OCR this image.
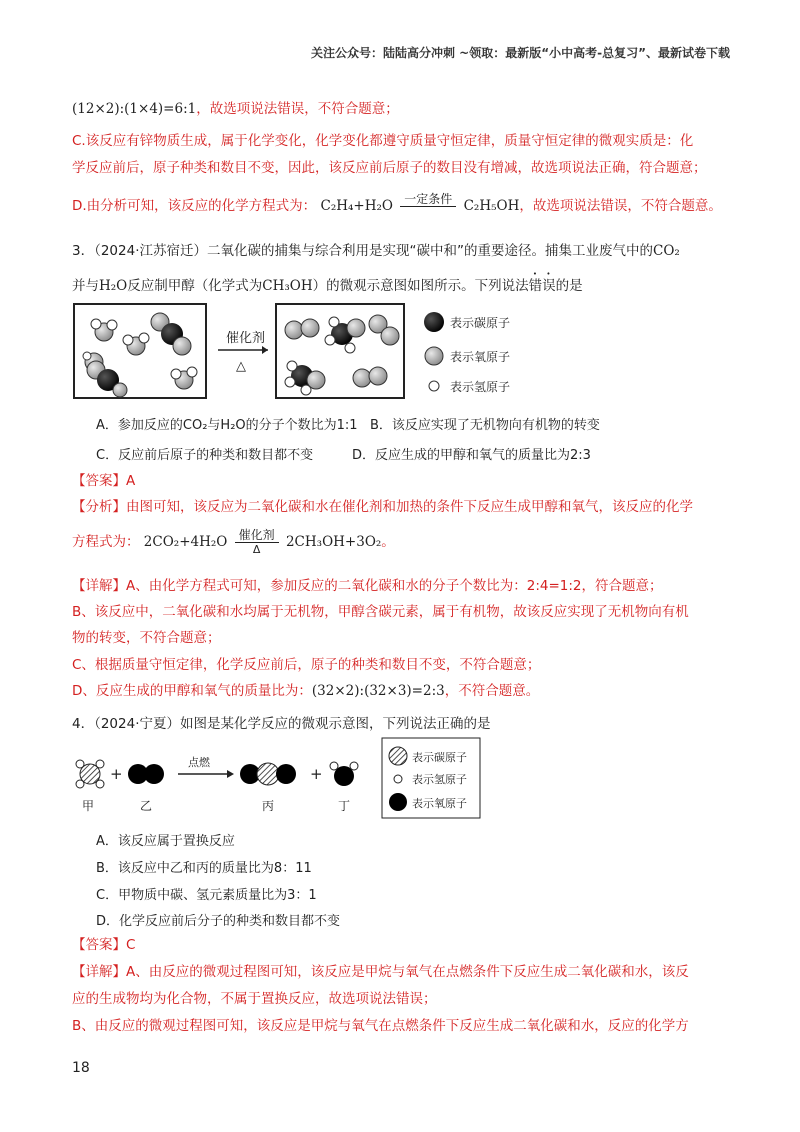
关注公众号：陆陆高分冲刺 ~领取：最新版“小中高考-总复习”、最新试卷下载
(12×2):(1×4)=6:1，故选项说法错误，不符合题意；
C.该反应有锌物质生成，属于化学变化，化学变化都遵守质量守恒定律，质量守恒定律的微观实质是：化
学反应前后，原子种类和数目不变，因此，该反应前后原子的数目没有增减，故选项说法正确，符合题意；
D.由分析可知，该反应的化学方程式为： C₂H₄+H₂O 一定条件
C₂H₅OH，故选项说法错误，不符合题意。
3．（2024·江苏宿迁）二氧化碳的捕集与综合利用是实现“碳中和”的重要途径。捕集工业废气中的CO₂
并与H₂O反应制甲醇（化学式为CH₃OH）的微观示意图如图所示。下列说法错误的是
催化剂
△
表示碳原子
表示氧原子
表示氢原子
A．参加反应的CO₂与H₂O的分子个数比为1:1 B．该反应实现了无机物向有机物的转变
C．反应前后原子的种类和数目都不变	D．反应生成的甲醇和氧气的质量比为2:3
【答案】A
【分析】由图可知，该反应为二氧化碳和水在催化剂和加热的条件下反应生成甲醇和氧气，该反应的化学
方程式为： $2CO_2+4H_2O \frac{\text{催化剂}}{\Delta} 2CH_3OH+3O_2$。
【详解】A、由化学方程式可知，参加反应的二氧化碳和水的分子个数比为：2:4=1:2，符合题意；
B、该反应中，二氧化碳和水均属于无机物，甲醇含碳元素，属于有机物，故该反应实现了无机物向有机
物的转变，不符合题意；
C、根据质量守恒定律，化学反应前后，原子的种类和数目不变，不符合题意；
D、反应生成的甲醇和氧气的质量比为：(32×2):(32×3)=2:3，不符合题意。
4．（2024·宁夏）如图是某化学反应的微观示意图，下列说法正确的是
甲
+
乙
点燃
丙
+
丁
表示碳原子
表示氢原子
表示氧原子
A．该反应属于置换反应
B．该反应中乙和丙的质量比为8：11
C．甲物质中碳、氢元素质量比为3：1
D．化学反应前后分子的种类和数目都不变
【答案】C
【详解】A、由反应的微观过程图可知，该反应是甲烷与氧气在点燃条件下反应生成二氧化碳和水，该反
应的生成物均为化合物，不属于置换反应，故选项说法错误；
B、由反应的微观过程图可知，该反应是甲烷与氧气在点燃条件下反应生成二氧化碳和水，反应的化学方
18
